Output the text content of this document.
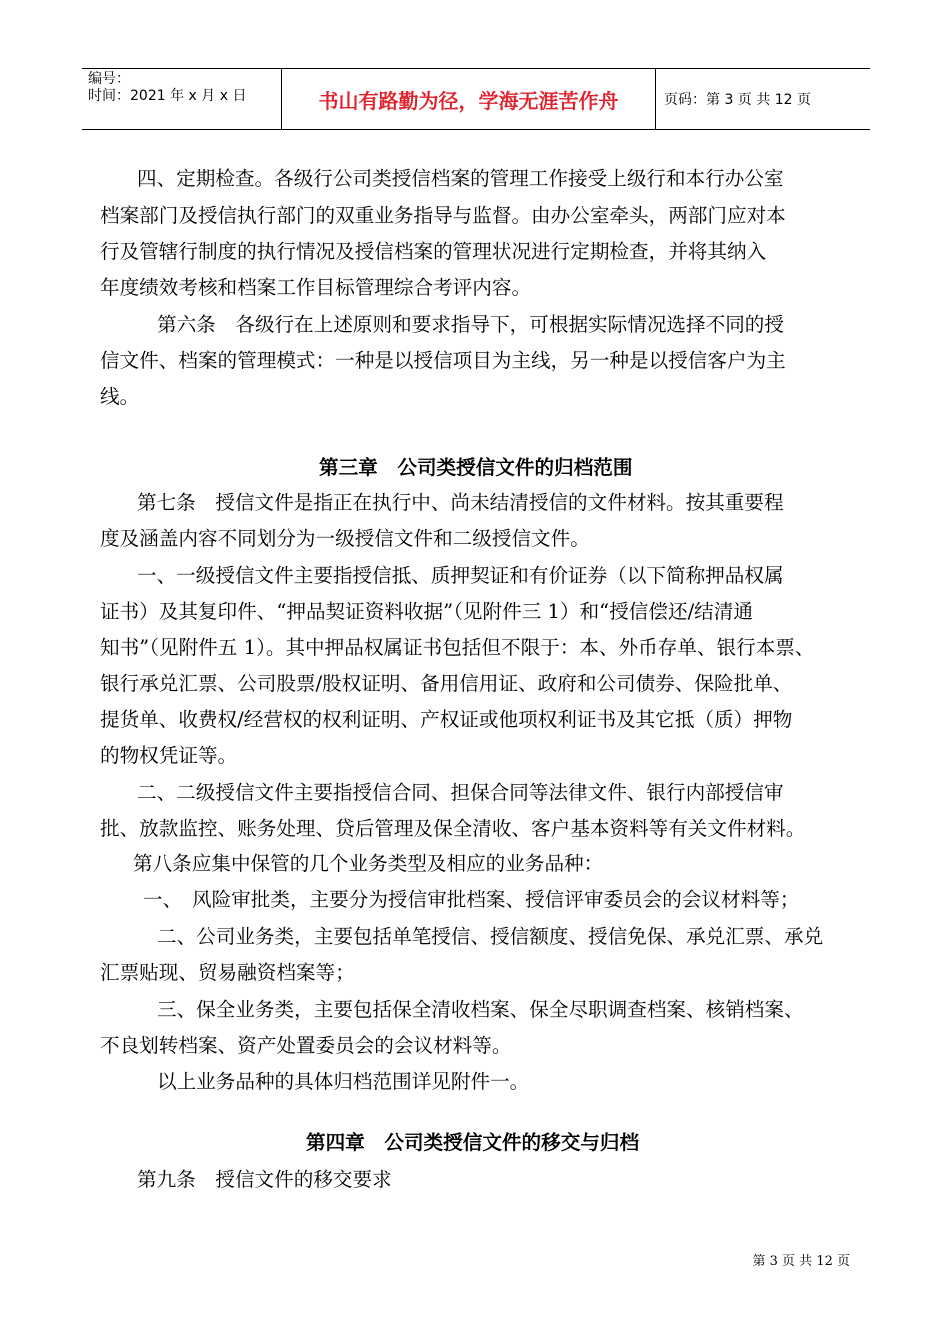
编号：
时间：2021 年 x 月 x 日	书山有路勤为径，学海无涯苦作舟	页码：第 3 页 共 12 页
四、定期检查。各级行公司类授信档案的管理工作接受上级行和本行办公室
档案部门及授信执行部门的双重业务指导与监督。由办公室牵头，两部门应对本
行及管辖行制度的执行情况及授信档案的管理状况进行定期检查，并将其纳入
年度绩效考核和档案工作目标管理综合考评内容。
第六条　各级行在上述原则和要求指导下，可根据实际情况选择不同的授
信文件、档案的管理模式：一种是以授信项目为主线，另一种是以授信客户为主
线。
第三章　公司类授信文件的归档范围
第七条　授信文件是指正在执行中、尚未结清授信的文件材料。按其重要程
度及涵盖内容不同划分为一级授信文件和二级授信文件。
一、一级授信文件主要指授信抵、质押契证和有价证券（以下简称押品权属
证书）及其复印件、“押品契证资料收据”（见附件三 1）和“授信偿还/结清通
知书”（见附件五 1）。其中押品权属证书包括但不限于：本、外币存单、银行本票、
银行承兑汇票、公司股票/股权证明、备用信用证、政府和公司债券、保险批单、
提货单、收费权/经营权的权利证明、产权证或他项权利证书及其它抵（质）押物
的物权凭证等。
二、二级授信文件主要指授信合同、担保合同等法律文件、银行内部授信审
批、放款监控、账务处理、贷后管理及保全清收、客户基本资料等有关文件材料。
第八条应集中保管的几个业务类型及相应的业务品种：
一、　风险审批类，主要分为授信审批档案、授信评审委员会的会议材料等；
二、公司业务类，主要包括单笔授信、授信额度、授信免保、承兑汇票、承兑
汇票贴现、贸易融资档案等；
三、保全业务类，主要包括保全清收档案、保全尽职调查档案、核销档案、
不良划转档案、资产处置委员会的会议材料等。
以上业务品种的具体归档范围详见附件一。
第四章　公司类授信文件的移交与归档
第九条　授信文件的移交要求
第 3 页 共 12 页
